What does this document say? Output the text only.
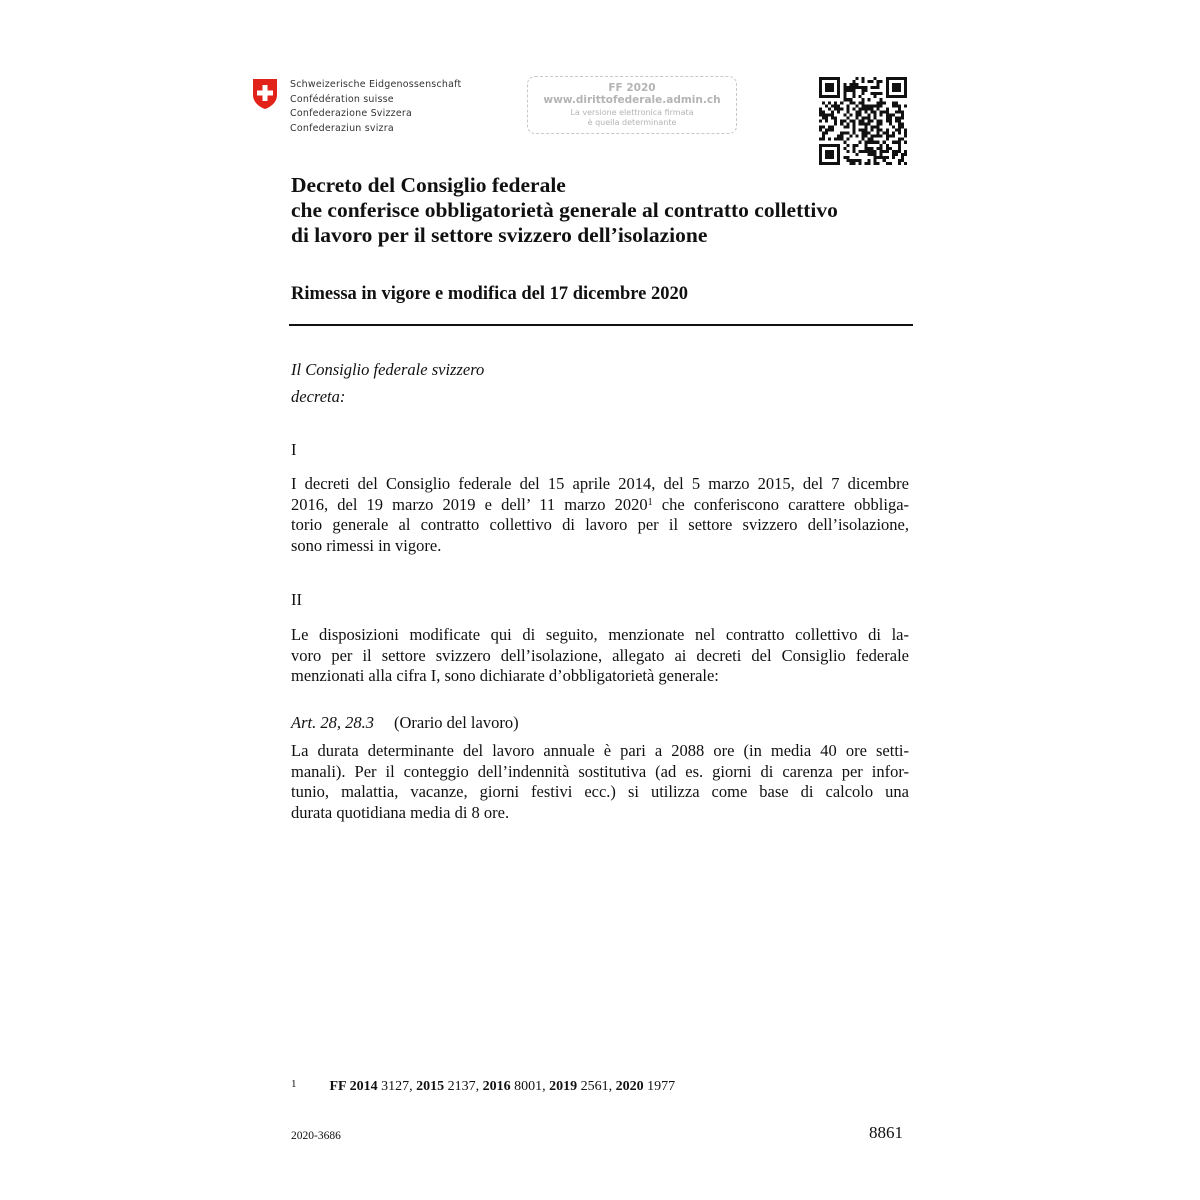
Schweizerische Eidgenossenschaft
Confédération suisse
Confederazione Svizzera
Confederaziun svizra
FF 2020
www.dirittofederale.admin.ch
La versione elettronica firmata
è quella determinante
Decreto del Consiglio federale
che conferisce obbligatorietà generale al contratto collettivo
di lavoro per il settore svizzero dell’isolazione
Rimessa in vigore e modifica del 17 dicembre 2020
Il Consiglio federale svizzero
decreta:
I
I decreti del Consiglio federale del 15 aprile 2014, del 5 marzo 2015, del 7 dicembre
2016, del 19 marzo 2019 e dell’ 11 marzo 2020$^1$ che conferiscono carattere obbliga-
torio generale al contratto collettivo di lavoro per il settore svizzero dell’isolazione,
sono rimessi in vigore.
II
Le disposizioni modificate qui di seguito, menzionate nel contratto collettivo di la-
voro per il settore svizzero dell’isolazione, allegato ai decreti del Consiglio federale
menzionati alla cifra I, sono dichiarate d’obbligatorietà generale:
Art. 28, 28.3 (Orario del lavoro)
La durata determinante del lavoro annuale è pari a 2088 ore (in media 40 ore setti-
manali). Per il conteggio dell’indennità sostitutiva (ad es. giorni di carenza per infor-
tunio, malattia, vacanze, giorni festivi ecc.) si utilizza come base di calcolo una
durata quotidiana media di 8 ore.
1 FF 2014 3127, 2015 2137, 2016 8001, 2019 2561, 2020 1977
2020-3686	8861
